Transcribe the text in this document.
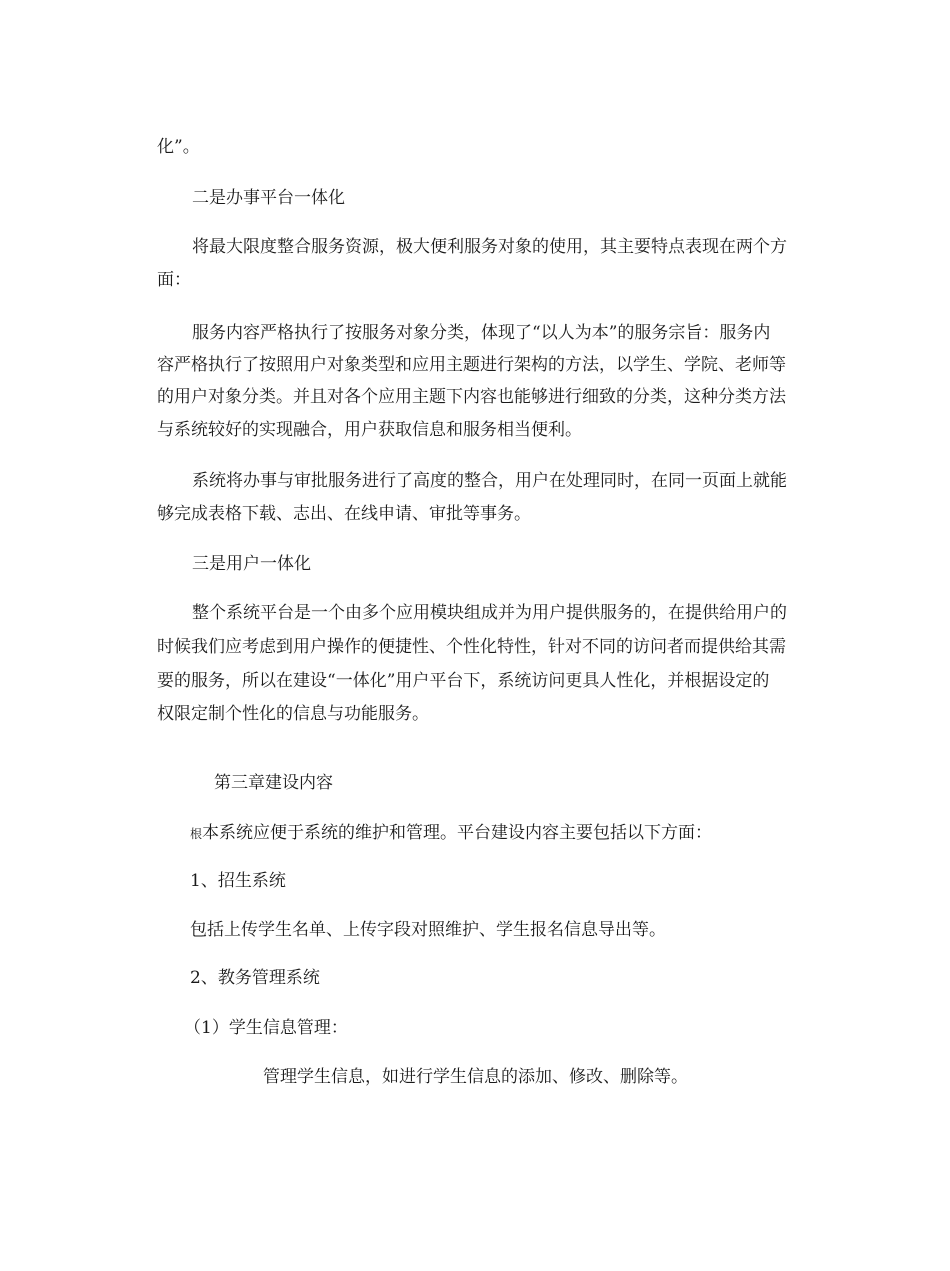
化”。
二是办事平台一体化
将最大限度整合服务资源，极大便利服务对象的使用，其主要特点表现在两个方
面：
服务内容严格执行了按服务对象分类，体现了“以人为本”的服务宗旨：服务内
容严格执行了按照用户对象类型和应用主题进行架构的方法，以学生、学院、老师等
的用户对象分类。并且对各个应用主题下内容也能够进行细致的分类，这种分类方法
与系统较好的实现融合，用户获取信息和服务相当便利。
系统将办事与审批服务进行了高度的整合，用户在处理同时，在同一页面上就能
够完成表格下载、志出、在线申请、审批等事务。
三是用户一体化
整个系统平台是一个由多个应用模块组成并为用户提供服务的，在提供给用户的
时候我们应考虑到用户操作的便捷性、个性化特性，针对不同的访问者而提供给其需
要的服务，所以在建设“一体化”用户平台下，系统访问更具人性化，并根据设定的
权限定制个性化的信息与功能服务。
第三章建设内容
根本系统应便于系统的维护和管理。平台建设内容主要包括以下方面：
1、招生系统
包括上传学生名单、上传字段对照维护、学生报名信息导出等。
2、教务管理系统
（1）学生信息管理：
管理学生信息，如进行学生信息的添加、修改、删除等。
